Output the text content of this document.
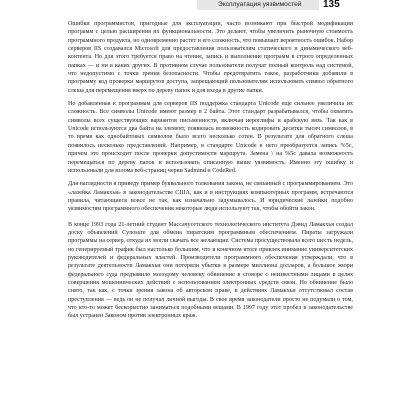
Эксплуатация уязвимостей 135

Ошибки программистов, пригодные для эксплуатации, часто возникают при быстрой модификации программ с целью расширения их функциональности. Это делают, чтобы увеличить рыночную стоимость программного продукта, но одновременно растет и его сложность, что повышает вероятность ошибок. Набор серверов IIS создавался Microsoft для предоставления пользователям статического и динамического веб-контента. Но для этого требуется право на чтение, запись и выполнение программ в строго определенных папках — и ни в каких других. В противном случае пользователи получат полный контроль над системой, что недопустимо с точки зрения безопасности. Чтобы предотвратить такое, разработчики добавили в программу код проверки маршрутов доступа, запрещающий пользователям использовать символ обратного слеша для перемещения вверх по дереву папок и для входа в другие папки.

Но добавленная к программам для серверов IIS поддержка стандарта Unicode еще сильнее увеличила их сложность. Все символы Unicode имеют размер в 2 байта. Этот стандарт разрабатывался, чтобы охватить символы всех существующих вариантов письменности, включая иероглифы и арабскую вязь. Так как в Unicode используются два байта на элемент, появилась возможность кодировать десятки тысяч символов, в то время как однобайтовых символов было всего несколько сотен. В результате для обратного слеша появилось несколько представлений. Например, в стандарте Unicode в него преобразуется запись %5c, причем это происходит после проверки допустимости маршрута. Замена \ на %5c давала возможность перемещаться по дереву папок и использовать описанную выше уязвимость. Именно эту ошибку и использовали для взлома веб-страниц черви Sadmind и CodeRed.

Для наглядности я приведу пример буквального толкования закона, не связанный с программированием. Это «лазейка Ламакхья» в законодательстве США, как и в инструкциях компьютерных программ, встречаются правила, читающиеся вовсе не так, как изначально задумывалось. И юридические лазейки подобно уязвимостям программного обеспечения некоторые люди используют так, чтобы обойти закон.

В конце 1993 года 21-летний студент Массачусетского технологического института Дэвид Ламакхья создал доску объявлений Cynosure для обмена пиратским программным обеспечением. Пираты загружали программы на сервер, откуда их могли скачать все желающие. Система просуществовала всего шесть недель, но генерируемый трафик был настолько большим, что в конечном итоге привлек внимание университетских руководителей и федеральных властей. Производители программного обеспечения утверждали, что в результате деятельности Ламакхьи они потеряли убытки в размере миллиона долларов, а большое жюри федерального суда предъявило молодому человеку обвинение в сговоре с неизвестными лицами в целях совершения мошеннических действий с использованием электронных средств связи. Но обвинение было снято, так как, с точки зрения закона об авторском праве, в действиях Ламакхьи отсутствовал состав преступления — ведь он не получал личной выгоды. В свое время законодатели просто не подумали о том, что кто-то может бескорыстно заниматься подобными вещами. В 1997 году этот пробел в законодательстве был устранен Законом против электронных краж.
